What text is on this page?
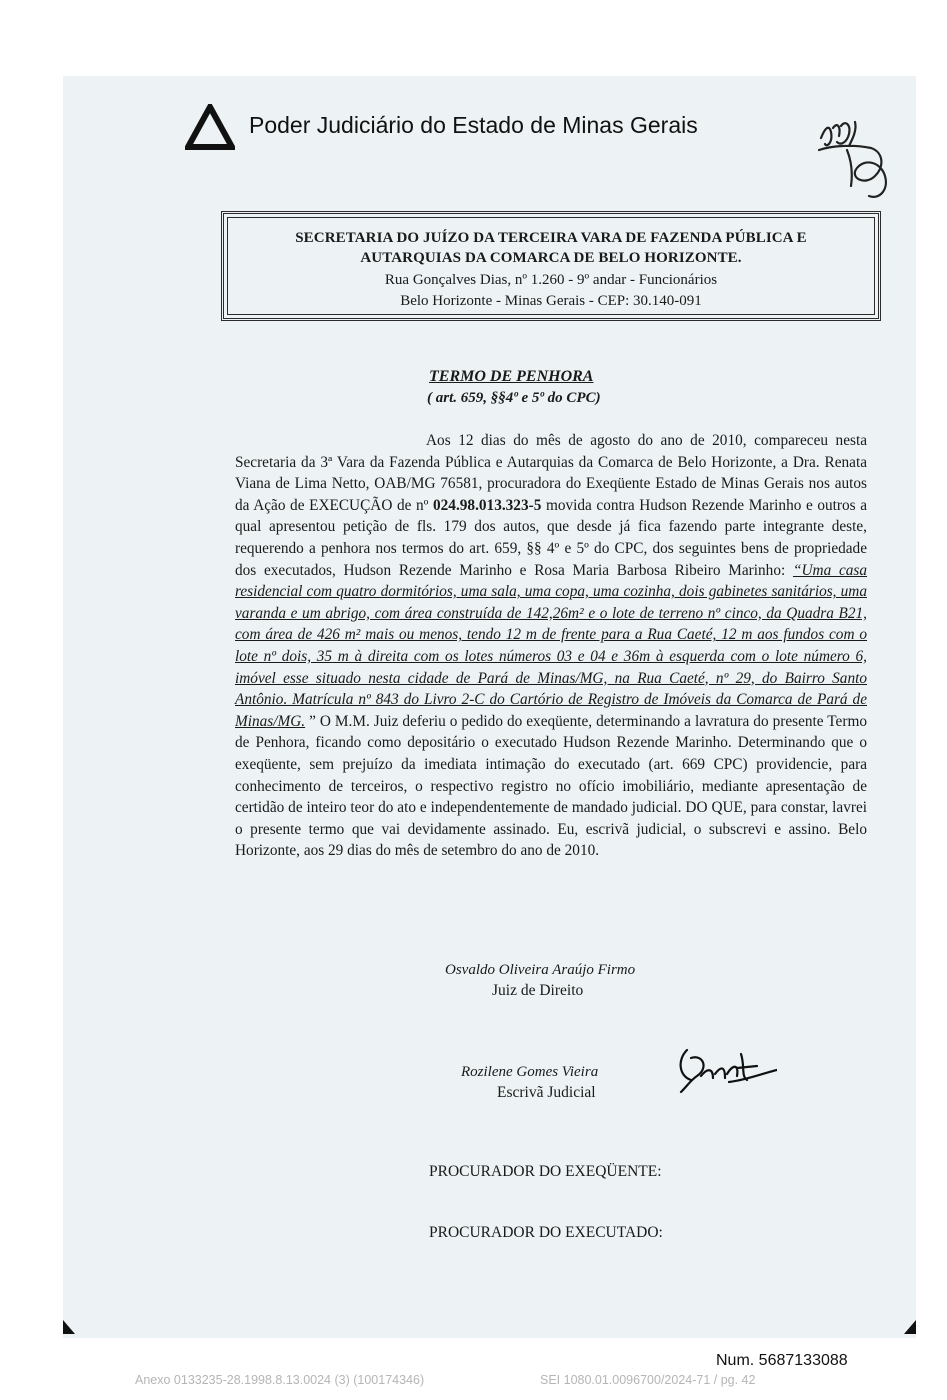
Poder Judiciário do Estado de Minas Gerais
SECRETARIA DO JUÍZO DA TERCEIRA VARA DE FAZENDA PÚBLICA E
AUTARQUIAS DA COMARCA DE BELO HORIZONTE.
Rua Gonçalves Dias, nº 1.260 - 9º andar - Funcionários
Belo Horizonte - Minas Gerais - CEP: 30.140-091
TERMO DE PENHORA
( art. 659, §§4º e 5º do CPC)
Aos 12 dias do mês de agosto do ano de 2010, compareceu nesta Secretaria da 3ª Vara da Fazenda Pública e Autarquias da Comarca de Belo Horizonte, a Dra. Renata Viana de Lima Netto, OAB/MG 76581, procuradora do Exeqüente Estado de Minas Gerais nos autos da Ação de EXECUÇÃO de nº 024.98.013.323-5 movida contra Hudson Rezende Marinho e outros a qual apresentou petição de fls. 179 dos autos, que desde já fica fazendo parte integrante deste, requerendo a penhora nos termos do art. 659, §§ 4º e 5º do CPC, dos seguintes bens de propriedade dos executados, Hudson Rezende Marinho e Rosa Maria Barbosa Ribeiro Marinho: “Uma casa residencial com quatro dormitórios, uma sala, uma copa, uma cozinha, dois gabinetes sanitários, uma varanda e um abrigo, com área construída de 142,26m² e o lote de terreno nº cinco, da Quadra B21, com área de 426 m² mais ou menos, tendo 12 m de frente para a Rua Caeté, 12 m aos fundos com o lote nº dois, 35 m à direita com os lotes números 03 e 04 e 36m à esquerda com o lote número 6, imóvel esse situado nesta cidade de Pará de Minas/MG, na Rua Caeté, nº 29, do Bairro Santo Antônio. Matrícula nº 843 do Livro 2-C do Cartório de Registro de Imóveis da Comarca de Pará de Minas/MG. ” O M.M. Juiz deferiu o pedido do exeqüente, determinando a lavratura do presente Termo de Penhora, ficando como depositário o executado Hudson Rezende Marinho. Determinando que o exeqüente, sem prejuízo da imediata intimação do executado (art. 669 CPC) providencie, para conhecimento de terceiros, o respectivo registro no ofício imobiliário, mediante apresentação de certidão de inteiro teor do ato e independentemente de mandado judicial. DO QUE, para constar, lavrei o presente termo que vai devidamente assinado. Eu, escrivã judicial, o subscrevi e assino. Belo Horizonte, aos 29 dias do mês de setembro do ano de 2010.
Osvaldo Oliveira Araújo Firmo
Juiz de Direito
Rozilene Gomes Vieira
Escrivã Judicial
PROCURADOR DO EXEQÜENTE:
PROCURADOR DO EXECUTADO:
Num. 5687133088
Anexo 0133235-28.1998.8.13.0024 (3) (100174346)	SEI 1080.01.0096700/2024-71 / pg. 42
